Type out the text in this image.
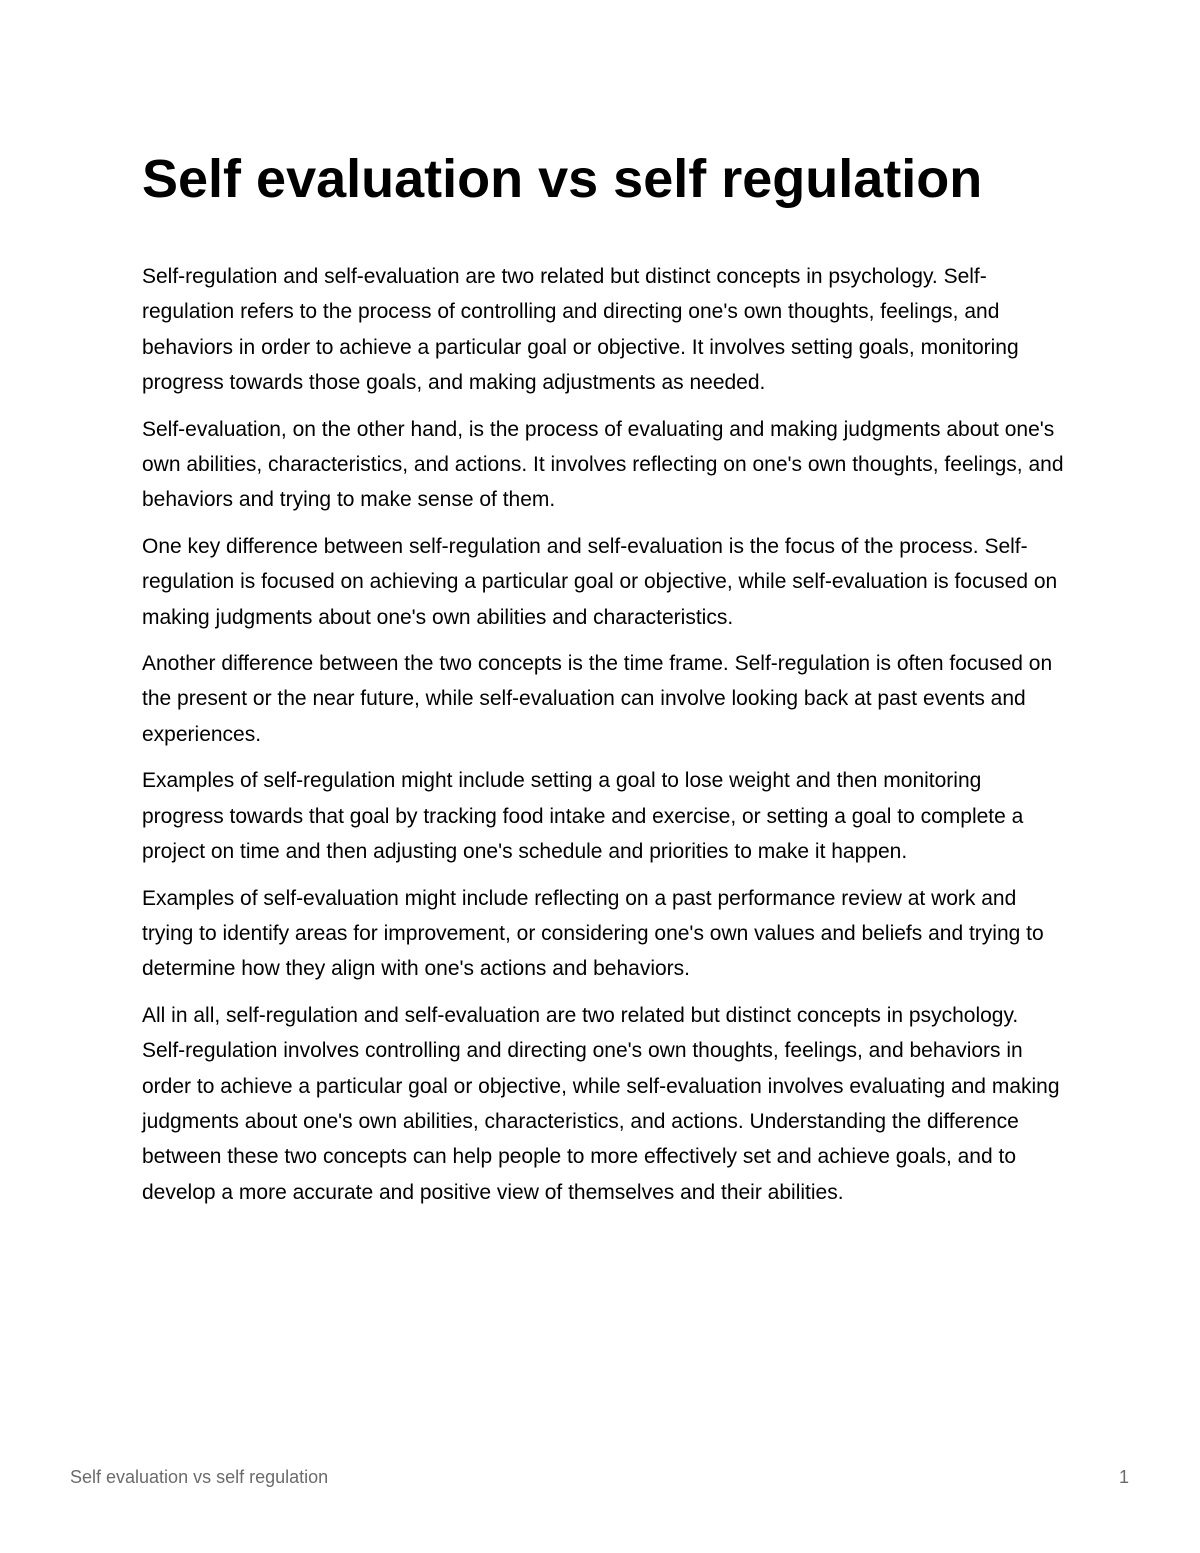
Self evaluation vs self regulation

Self-regulation and self-evaluation are two related but distinct concepts in psychology. Self-regulation refers to the process of controlling and directing one's own thoughts, feelings, and behaviors in order to achieve a particular goal or objective. It involves setting goals, monitoring progress towards those goals, and making adjustments as needed.

Self-evaluation, on the other hand, is the process of evaluating and making judgments about one's own abilities, characteristics, and actions. It involves reflecting on one's own thoughts, feelings, and behaviors and trying to make sense of them.

One key difference between self-regulation and self-evaluation is the focus of the process. Self-regulation is focused on achieving a particular goal or objective, while self-evaluation is focused on making judgments about one's own abilities and characteristics.

Another difference between the two concepts is the time frame. Self-regulation is often focused on the present or the near future, while self-evaluation can involve looking back at past events and experiences.

Examples of self-regulation might include setting a goal to lose weight and then monitoring progress towards that goal by tracking food intake and exercise, or setting a goal to complete a project on time and then adjusting one's schedule and priorities to make it happen.

Examples of self-evaluation might include reflecting on a past performance review at work and trying to identify areas for improvement, or considering one's own values and beliefs and trying to determine how they align with one's actions and behaviors.

All in all, self-regulation and self-evaluation are two related but distinct concepts in psychology. Self-regulation involves controlling and directing one's own thoughts, feelings, and behaviors in order to achieve a particular goal or objective, while self-evaluation involves evaluating and making judgments about one's own abilities, characteristics, and actions. Understanding the difference between these two concepts can help people to more effectively set and achieve goals, and to develop a more accurate and positive view of themselves and their abilities.

Self evaluation vs self regulation	1
